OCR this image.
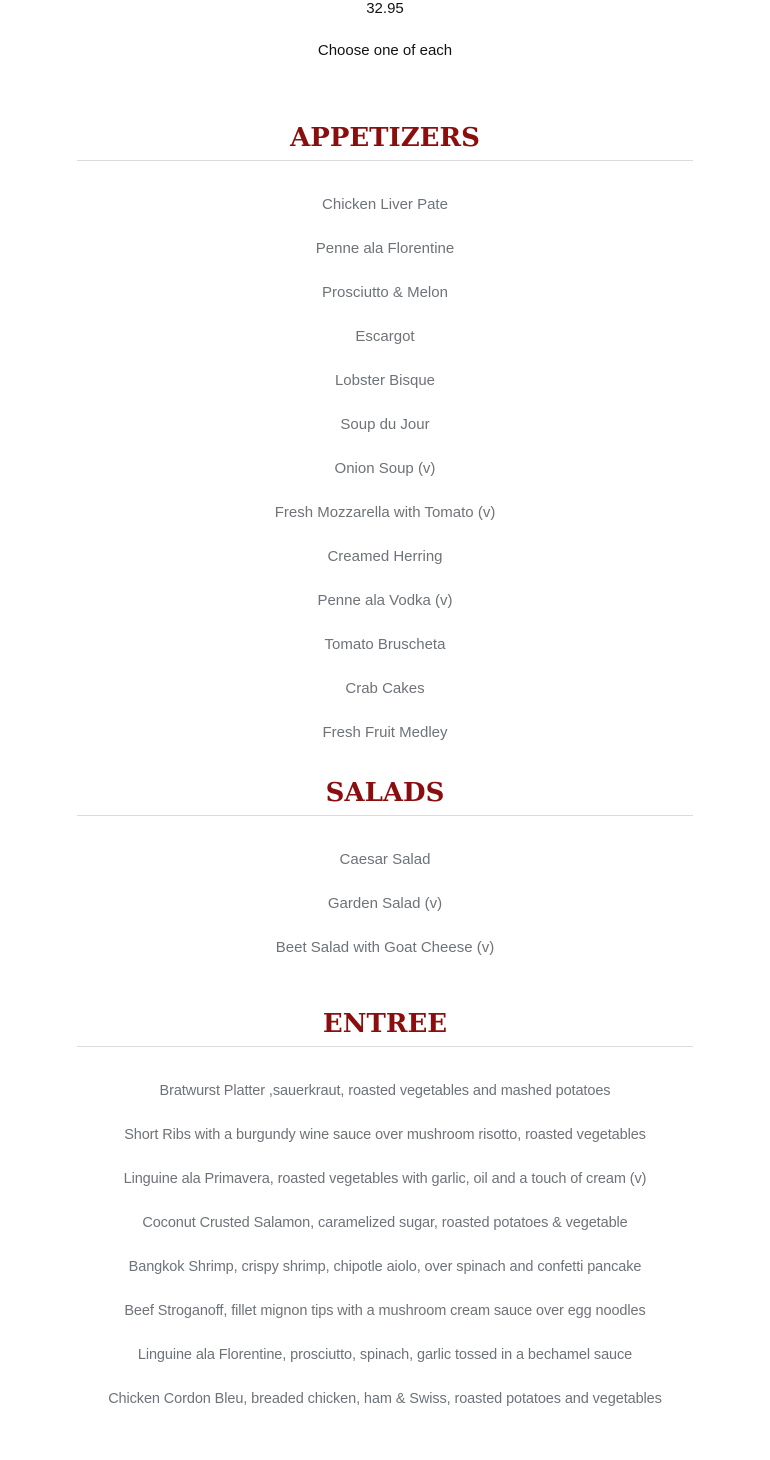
32.95
Choose one of each
APPETIZERS
Chicken Liver Pate
Penne ala Florentine
Prosciutto & Melon
Escargot
Lobster Bisque
Soup du Jour
Onion Soup (v)
Fresh Mozzarella with Tomato (v)
Creamed Herring
Penne ala Vodka (v)
Tomato Bruscheta
Crab Cakes
Fresh Fruit Medley
SALADS
Caesar Salad
Garden Salad (v)
Beet Salad with Goat Cheese (v)
ENTREE
Bratwurst Platter ,sauerkraut, roasted vegetables and mashed potatoes
Short Ribs with a burgundy wine sauce over mushroom risotto, roasted vegetables
Linguine ala Primavera, roasted vegetables with garlic, oil and a touch of cream (v)
Coconut Crusted Salamon, caramelized sugar, roasted potatoes & vegetable
Bangkok Shrimp, crispy shrimp, chipotle aiolo, over spinach and confetti pancake
Beef Stroganoff, fillet mignon tips with a mushroom cream sauce over egg noodles
Linguine ala Florentine, prosciutto, spinach, garlic tossed in a bechamel sauce
Chicken Cordon Bleu, breaded chicken, ham & Swiss, roasted potatoes and vegetables
